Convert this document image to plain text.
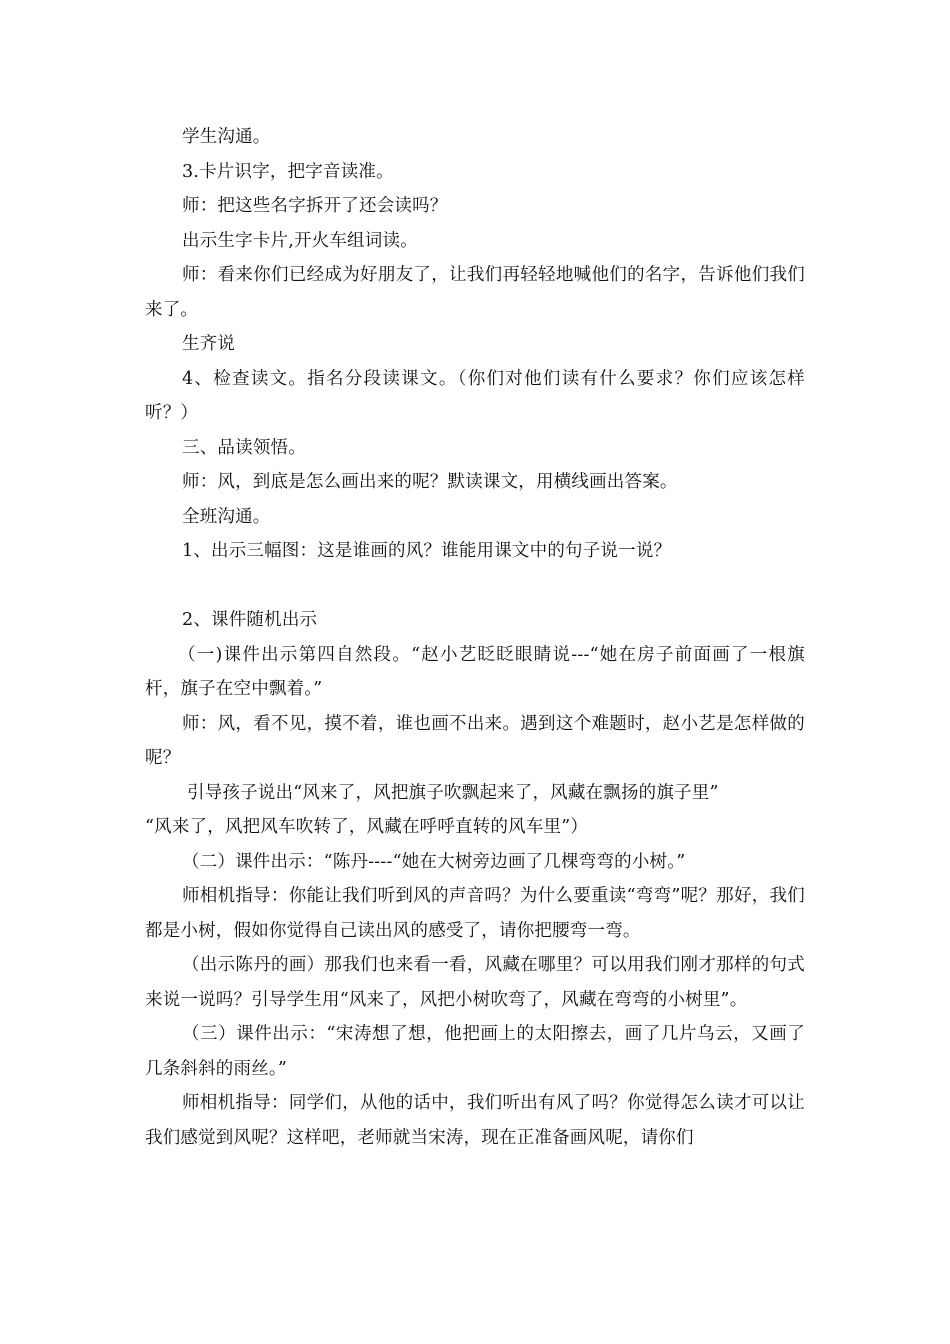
学生沟通。

3.卡片识字，把字音读准。

师：把这些名字拆开了还会读吗？

出示生字卡片,开火车组词读。

师：看来你们已经成为好朋友了，让我们再轻轻地喊他们的名字，告诉他们我们来了。

生齐说

4、检查读文。指名分段读课文。（你们对他们读有什么要求？你们应该怎样听？）

三、品读领悟。

师：风，到底是怎么画出来的呢？默读课文，用横线画出答案。

全班沟通。

1、出示三幅图：这是谁画的风？谁能用课文中的句子说一说？

2、课件随机出示

（一)课件出示第四自然段。“赵小艺眨眨眼睛说---“她在房子前面画了一根旗杆，旗子在空中飘着。”

师：风，看不见，摸不着，谁也画不出来。遇到这个难题时，赵小艺是怎样做的呢？

引导孩子说出“风来了，风把旗子吹飘起来了，风藏在飘扬的旗子里”

“风来了，风把风车吹转了，风藏在呼呼直转的风车里”）

（二）课件出示：“陈丹----“她在大树旁边画了几棵弯弯的小树。”

师相机指导：你能让我们听到风的声音吗？为什么要重读“弯弯”呢？那好，我们都是小树，假如你觉得自己读出风的感受了，请你把腰弯一弯。

（出示陈丹的画）那我们也来看一看，风藏在哪里？可以用我们刚才那样的句式来说一说吗？引导学生用“风来了，风把小树吹弯了，风藏在弯弯的小树里”。

（三）课件出示：“宋涛想了想，他把画上的太阳擦去，画了几片乌云，又画了几条斜斜的雨丝。”

师相机指导：同学们，从他的话中，我们听出有风了吗？你觉得怎么读才可以让我们感觉到风呢？这样吧，老师就当宋涛，现在正准备画风呢，请你们
